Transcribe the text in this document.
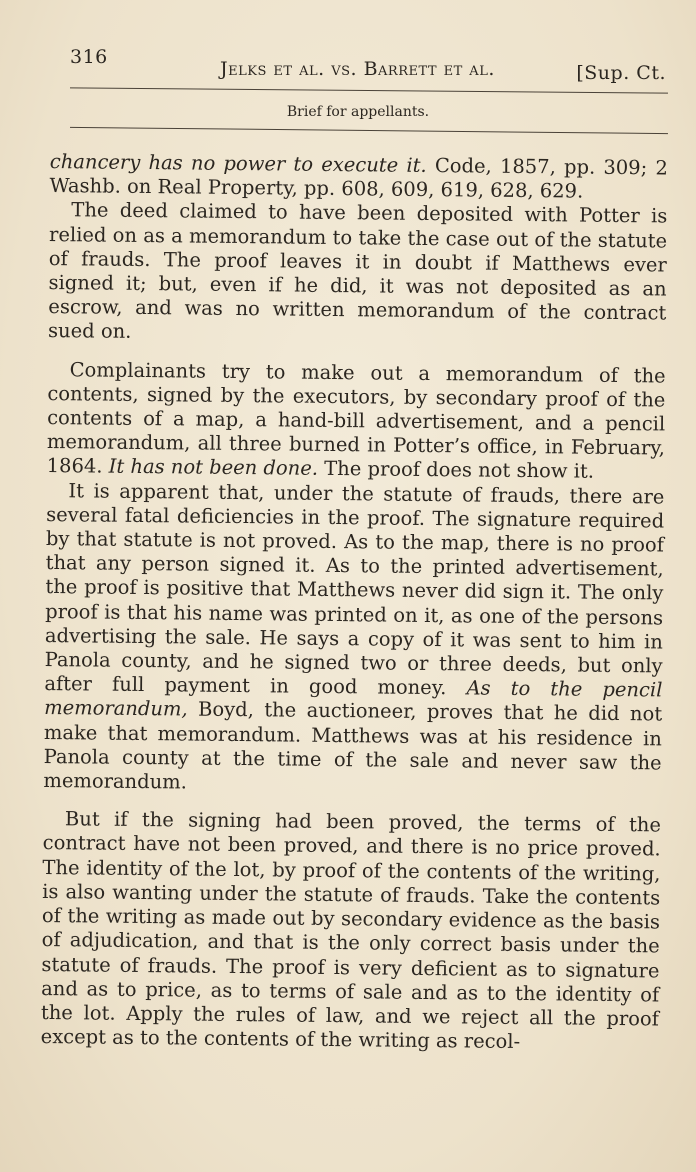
316
Jelks et al. vs. Barrett et al.	[Sup. Ct.
Brief for appellants.

chancery has no power to execute it. Code, 1857, pp. 309; 2 Washb. on Real Property, pp. 608, 609, 619, 628, 629.

The deed claimed to have been deposited with Potter is relied on as a memorandum to take the case out of the statute of frauds. The proof leaves it in doubt if Matthews ever signed it; but, even if he did, it was not deposited as an escrow, and was no written memorandum of the contract sued on.

Complainants try to make out a memorandum of the contents, signed by the executors, by secondary proof of the contents of a map, a hand-bill advertisement, and a pencil memorandum, all three burned in Potter’s office, in February, 1864. It has not been done. The proof does not show it.

It is apparent that, under the statute of frauds, there are several fatal deficiencies in the proof. The signature required by that statute is not proved. As to the map, there is no proof that any person signed it. As to the printed advertisement, the proof is positive that Matthews never did sign it. The only proof is that his name was printed on it, as one of the persons advertising the sale. He says a copy of it was sent to him in Panola county, and he signed two or three deeds, but only after full payment in good money. As to the pencil memorandum, Boyd, the auctioneer, proves that he did not make that memorandum. Matthews was at his residence in Panola county at the time of the sale and never saw the memorandum.

But if the signing had been proved, the terms of the contract have not been proved, and there is no price proved. The identity of the lot, by proof of the contents of the writing, is also wanting under the statute of frauds. Take the contents of the writing as made out by secondary evidence as the basis of adjudication, and that is the only correct basis under the statute of frauds. The proof is very deficient as to signature and as to price, as to terms of sale and as to the identity of the lot. Apply the rules of law, and we reject all the proof except as to the contents of the writing as recol-
